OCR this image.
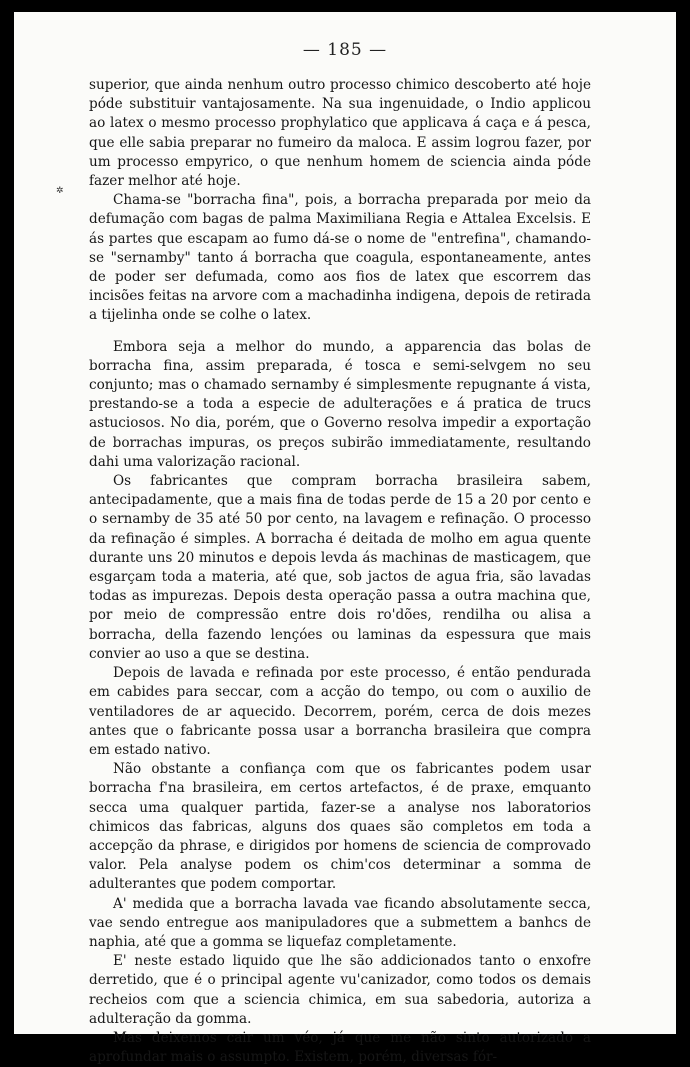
— 185 —
✲

superior, que ainda nenhum outro processo chimico descoberto até hoje póde substituir vantajosamente. Na sua ingenuidade, o Indio applicou ao latex o mesmo processo prophylatico que applicava á caça e á pesca, que elle sabia preparar no fumeiro da maloca. E assim logrou fazer, por um processo empyrico, o que nenhum homem de sciencia ainda póde fazer melhor até hoje.

Chama-se "borracha fina", pois, a borracha preparada por meio da defumação com bagas de palma Maximiliana Regia e Attalea Excelsis. E ás partes que escapam ao fumo dá-se o nome de "entrefina", chamando-se "sernamby" tanto á borracha que coagula, espontaneamente, antes de poder ser defumada, como aos fios de latex que escorrem das incisões feitas na arvore com a machadinha indigena, depois de retirada a tijelinha onde se colhe o latex.

Embora seja a melhor do mundo, a apparencia das bolas de borracha fina, assim preparada, é tosca e semi-selvgem no seu conjunto; mas o chamado sernamby é simplesmente repugnante á vista, prestando-se a toda a especie de adulterações e á pratica de trucs astuciosos. No dia, porém, que o Governo resolva impedir a exportação de borrachas impuras, os preços subirão immediatamente, resultando dahi uma valorização racional.

Os fabricantes que compram borracha brasileira sabem, antecipadamente, que a mais fina de todas perde de 15 a 20 por cento e o sernamby de 35 até 50 por cento, na lavagem e refinação. O processo da refinação é simples. A borracha é deitada de molho em agua quente durante uns 20 minutos e depois levda ás machinas de masticagem, que esgarçam toda a materia, até que, sob jactos de agua fria, são lavadas todas as impurezas. Depois desta operação passa a outra machina que, por meio de compressão entre dois ro'dões, rendilha ou alisa a borracha, della fazendo lençóes ou laminas da espessura que mais convier ao uso a que se destina.

Depois de lavada e refinada por este processo, é então pendurada em cabides para seccar, com a acção do tempo, ou com o auxilio de ventiladores de ar aquecido. Decorrem, porém, cerca de dois mezes antes que o fabricante possa usar a borrancha brasileira que compra em estado nativo.

Não obstante a confiança com que os fabricantes podem usar borracha f'na brasileira, em certos artefactos, é de praxe, emquanto secca uma qualquer partida, fazer-se a analyse nos laboratorios chimicos das fabricas, alguns dos quaes são completos em toda a accepção da phrase, e dirigidos por homens de sciencia de comprovado valor. Pela analyse podem os chim'cos determinar a somma de adulterantes que podem comportar.

A' medida que a borracha lavada vae ficando absolutamente secca, vae sendo entregue aos manipuladores que a submettem a banhcs de naphia, até que a gomma se liquefaz completamente.

E' neste estado liquido que lhe são addicionados tanto o enxofre derretido, que é o principal agente vu'canizador, como todos os demais recheios com que a sciencia chimica, em sua sabedoria, autoriza a adulteração da gomma.

Mas deixemos cair um véo, já que me não sinto autorizado a aprofundar mais o assumpto. Existem, porém, diversas fór-
